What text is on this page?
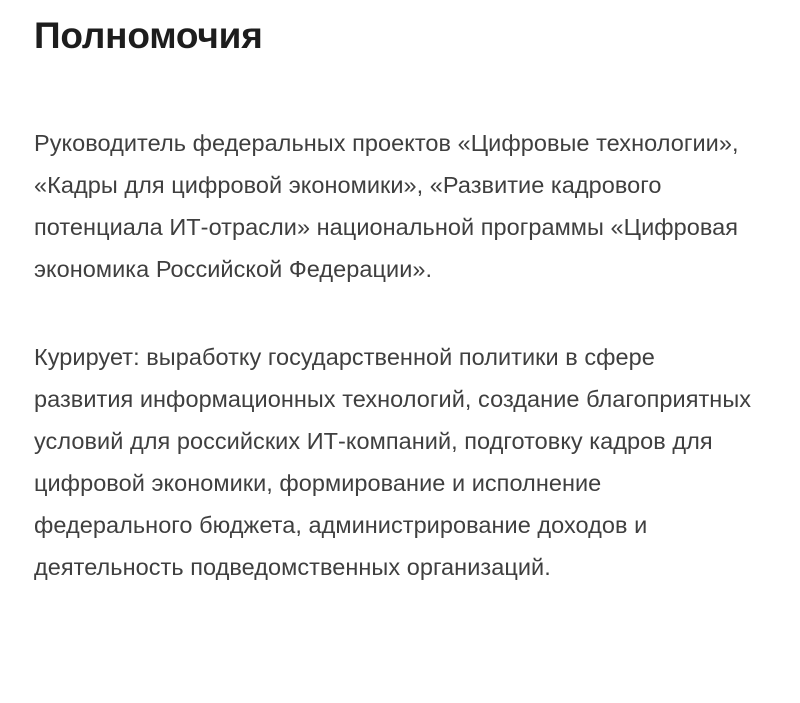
Полномочия

Руководитель федеральных проектов «Цифровые технологии», «Кадры для цифровой экономики», «Развитие кадрового потенциала ИТ-отрасли» национальной программы «Цифровая экономика Российской Федерации».

Курирует: выработку государственной политики в сфере развития информационных технологий, создание благоприятных условий для российских ИТ-компаний, подготовку кадров для цифровой экономики, формирование и исполнение федерального бюджета, администрирование доходов и деятельность подведомственных организаций.
